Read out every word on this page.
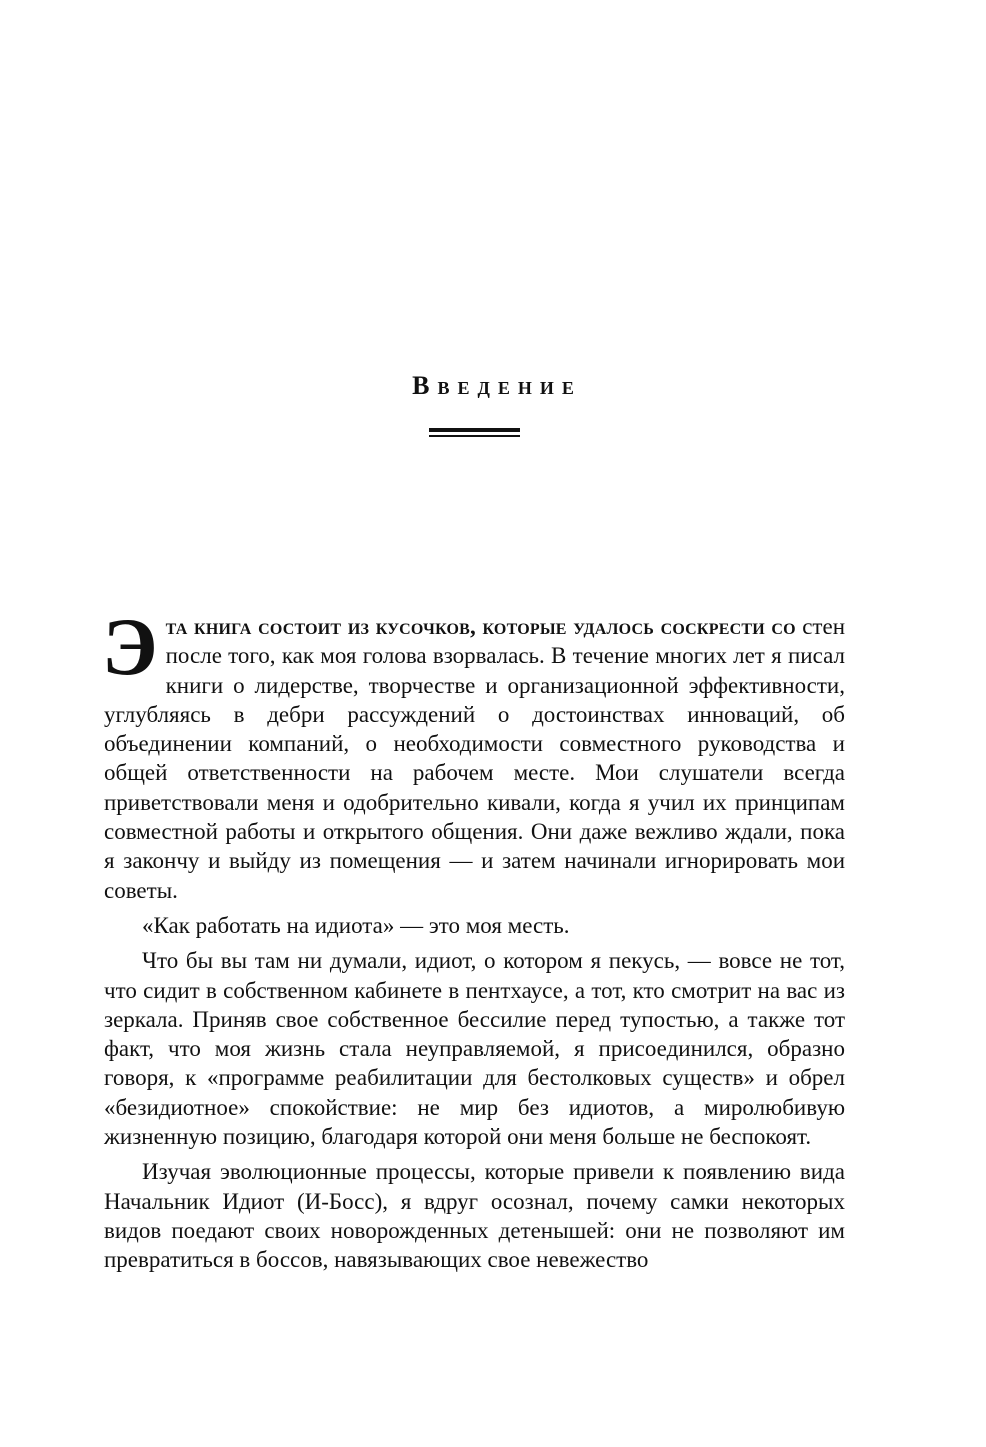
Введение

Эта книга состоит из кусочков, которые удалось соскрести со стен после того, как моя голова взорвалась. В течение многих лет я писал книги о лидерстве, творчестве и организационной эффективности, углубляясь в дебри рассуждений о достоинствах инноваций, об объединении компаний, о необходимости совместного руководства и общей ответственности на рабочем месте. Мои слушатели всегда приветствовали меня и одобрительно кивали, когда я учил их принципам совместной работы и открытого общения. Они даже вежливо ждали, пока я закончу и выйду из помещения — и затем начинали игнорировать мои советы.

«Как работать на идиота» — это моя месть.

Что бы вы там ни думали, идиот, о котором я пекусь, — вовсе не тот, что сидит в собственном кабинете в пентхаусе, а тот, кто смотрит на вас из зеркала. Приняв свое собственное бессилие перед тупостью, а также тот факт, что моя жизнь стала неуправляемой, я присоединился, образно говоря, к «программе реабилитации для бестолковых существ» и обрел «безидиотное» спокойствие: не мир без идиотов, а миролюбивую жизненную позицию, благодаря которой они меня больше не беспокоят.

Изучая эволюционные процессы, которые привели к появлению вида Начальник Идиот (И-Босс), я вдруг осознал, почему самки некоторых видов поедают своих новорожденных детенышей: они не позволяют им превратиться в боссов, навязывающих свое невежество
